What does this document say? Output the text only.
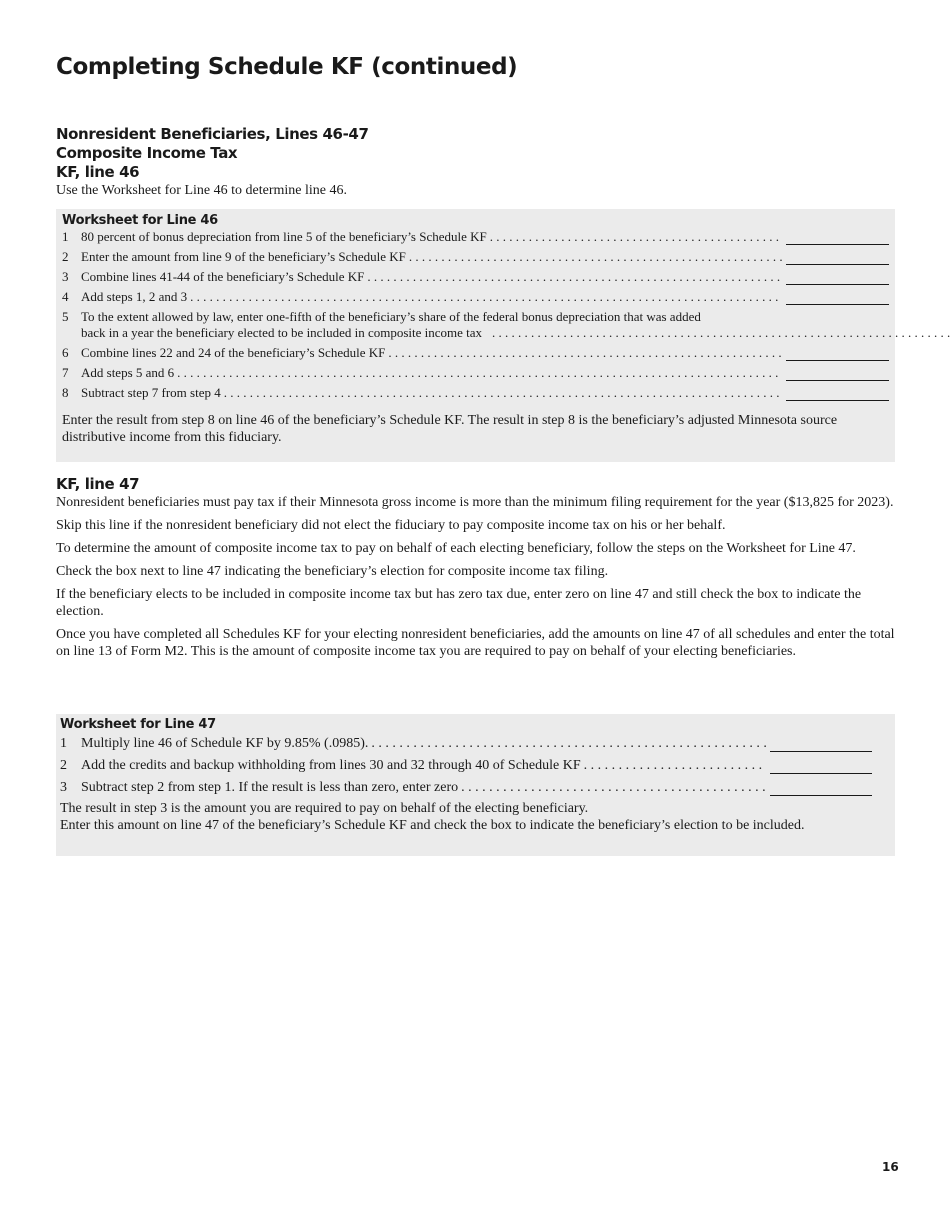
Completing Schedule KF (continued)

Nonresident Beneficiaries, Lines 46-47

Composite Income Tax

KF, line 46

Use the Worksheet for Line 46 to determine line 46.

Worksheet for Line 46

1 80 percent of bonus depreciation from line 5 of the beneficiary’s Schedule KF
. . .
2 Enter the amount from line 9 of the beneficiary’s Schedule KF
. . .
3 Combine lines 41-44 of the beneficiary’s Schedule KF
. . .
4 Add steps 1, 2 and 3
. . .
5 To the extent allowed by law, enter one-fifth of the beneficiary’s share of the federal bonus depreciation that was added
back in a year the beneficiary elected to be included in composite income tax
. . .
6 Combine lines 22 and 24 of the beneficiary’s Schedule KF
. . .
7 Add steps 5 and 6
. . .
8 Subtract step 7 from step 4
. . .

Enter the result from step 8 on line 46 of the beneficiary’s Schedule KF. The result in step 8 is the beneficiary’s adjusted Minnesota source distributive income from this fiduciary.

KF, line 47

Nonresident beneficiaries must pay tax if their Minnesota gross income is more than the minimum filing requirement for the year ($13,825 for 2023).

Skip this line if the nonresident beneficiary did not elect the fiduciary to pay composite income tax on his or her behalf.

To determine the amount of composite income tax to pay on behalf of each electing beneficiary, follow the steps on the Worksheet for Line 47.

Check the box next to line 47 indicating the beneficiary’s election for composite income tax filing.

If the beneficiary elects to be included in composite income tax but has zero tax due, enter zero on line 47 and still check the box to indicate the election.

Once you have completed all Schedules KF for your electing nonresident beneficiaries, add the amounts on line 47 of all schedules and enter the total on line 13 of Form M2. This is the amount of composite income tax you are required to pay on behalf of your electing beneficiaries.

Worksheet for Line 47

1	Multiply line 46 of Schedule KF by 9.85% (.0985).
. . .
2	Add the credits and backup withholding from lines 30 and 32 through 40 of Schedule KF
. . .
3	Subtract step 2 from step 1. If the result is less than zero, enter zero
. . .

The result in step 3 is the amount you are required to pay on behalf of the electing beneficiary.

Enter this amount on line 47 of the beneficiary’s Schedule KF and check the box to indicate the beneficiary’s election to be included.

16
